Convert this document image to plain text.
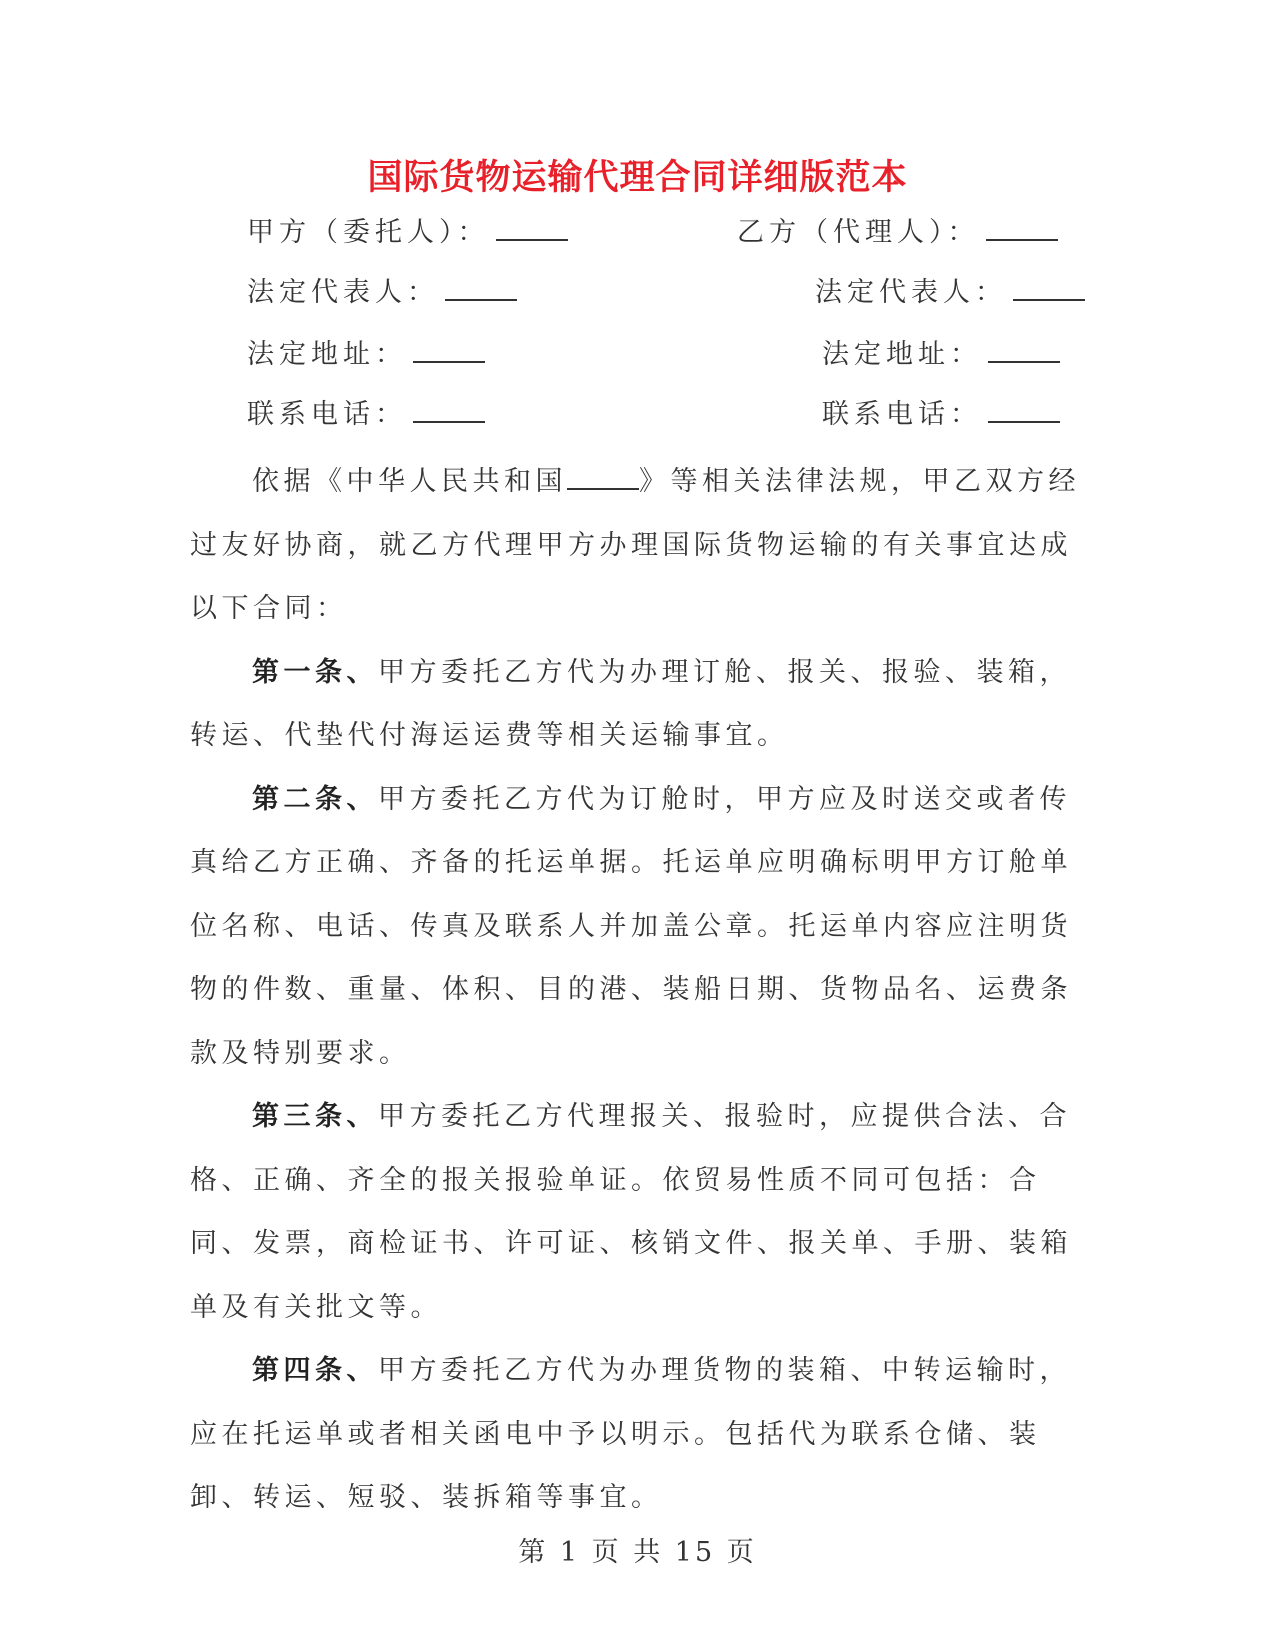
国际货物运输代理合同详细版范本
甲方（委托人）：
法定代表人：
法定地址：
联系电话：
乙方（代理人）：
法定代表人：
法定地址：
联系电话：

依据《中华人民共和国	》等相关法律法规，甲乙双方经过友好协商，就乙方代理甲方办理国际货物运输的有关事宜达成以下合同：

第一条、甲方委托乙方代为办理订舱、报关、报验、装箱，转运、代垫代付海运运费等相关运输事宜。

第二条、甲方委托乙方代为订舱时，甲方应及时送交或者传真给乙方正确、齐备的托运单据。托运单应明确标明甲方订舱单位名称、电话、传真及联系人并加盖公章。托运单内容应注明货物的件数、重量、体积、目的港、装船日期、货物品名、运费条款及特别要求。

第三条、甲方委托乙方代理报关、报验时，应提供合法、合格、正确、齐全的报关报验单证。依贸易性质不同可包括：合同、发票，商检证书、许可证、核销文件、报关单、手册、装箱单及有关批文等。

第四条、甲方委托乙方代为办理货物的装箱、中转运输时，应在托运单或者相关函电中予以明示。包括代为联系仓储、装卸、转运、短驳、装拆箱等事宜。

第 1 页 共 15 页
